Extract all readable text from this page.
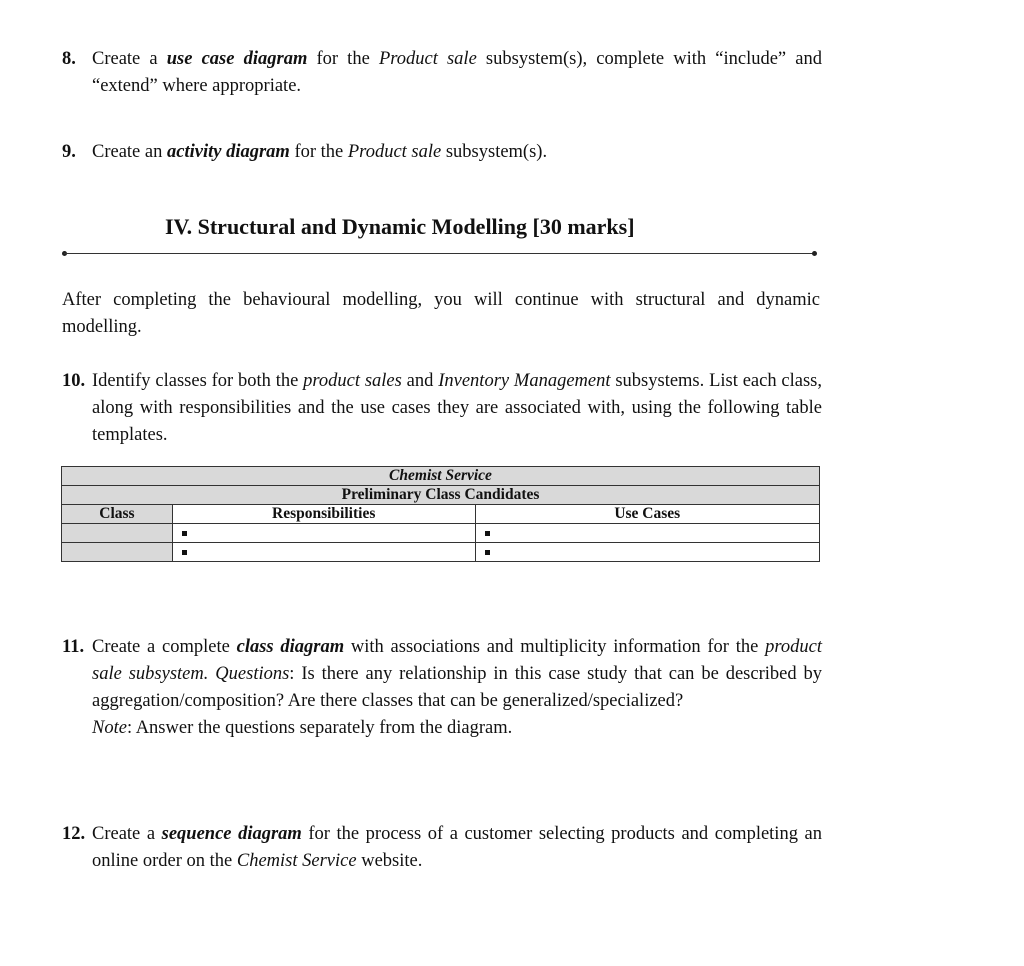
8. Create a use case diagram for the Product sale subsystem(s), complete with “include” and “extend” where appropriate.
9. Create an activity diagram for the Product sale subsystem(s).
IV. Structural and Dynamic Modelling [30 marks]
After completing the behavioural modelling, you will continue with structural and dynamic modelling.
10. Identify classes for both the product sales and Inventory Management subsystems. List each class, along with responsibilities and the use cases they are associated with, using the following table templates.
Chemist Service		
Preliminary Class Candidates		
Class	Responsibilities	Use Cases

11. Create a complete class diagram with associations and multiplicity information for the product sale subsystem. Questions: Is there any relationship in this case study that can be described by aggregation/composition? Are there classes that can be generalized/specialized?
Note: Answer the questions separately from the diagram.
12. Create a sequence diagram for the process of a customer selecting products and completing an online order on the Chemist Service website.
